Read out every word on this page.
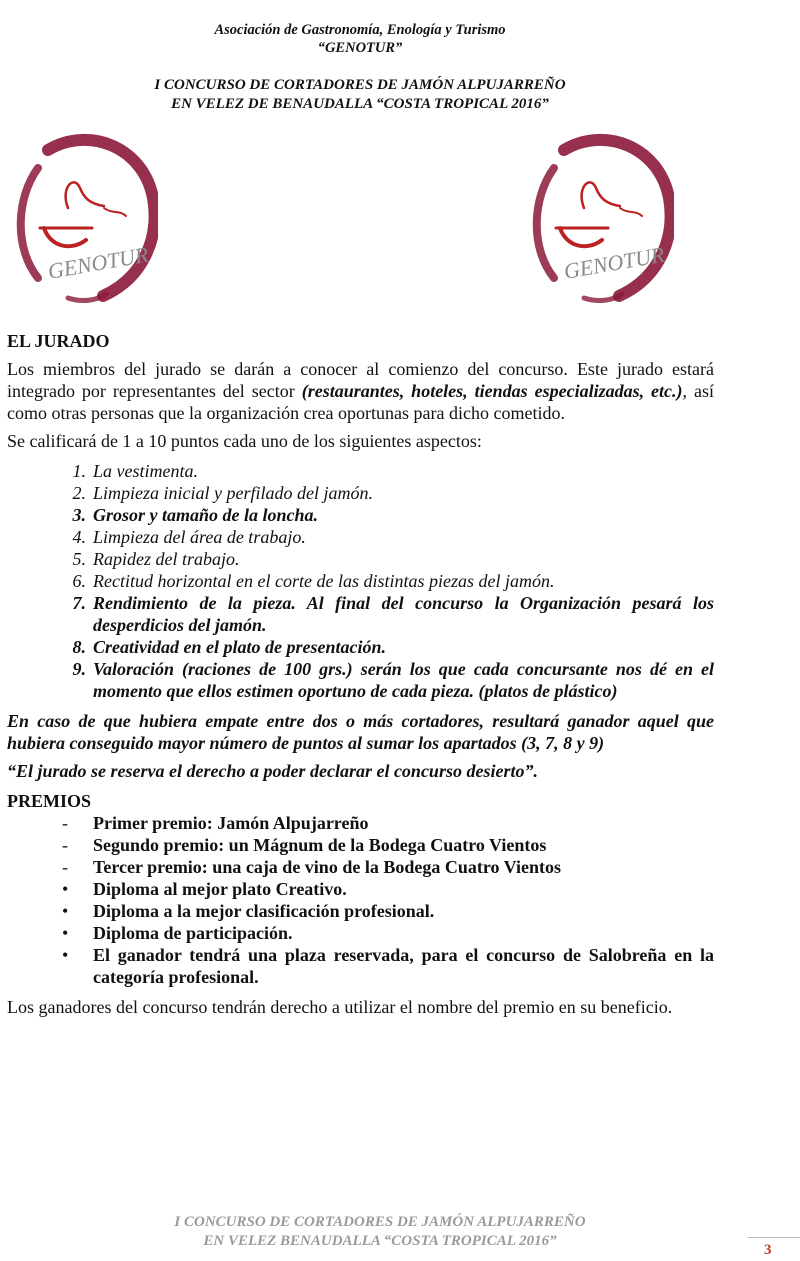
Asociación de Gastronomía, Enología y Turismo
“GENOTUR”
I CONCURSO DE CORTADORES DE JAMÓN ALPUJARREÑO
EN VELEZ DE BENAUDALLA “COSTA TROPICAL 2016”
GENOTUR	GENOTUR
EL JURADO

Los miembros del jurado se darán a conocer al comienzo del concurso. Este jurado estará integrado por representantes del sector (restaurantes, hoteles, tiendas especializadas, etc.), así como otras personas que la organización crea oportunas para dicho cometido.

Se calificará de 1 a 10 puntos cada uno de los siguientes aspectos:

1. La vestimenta.
2. Limpieza inicial y perfilado del jamón.
3. Grosor y tamaño de la loncha.
4. Limpieza del área de trabajo.
5. Rapidez del trabajo.
6. Rectitud horizontal en el corte de las distintas piezas del jamón.
7. Rendimiento de la pieza. Al final del concurso la Organización pesará los desperdicios del jamón.
8. Creatividad en el plato de presentación.
9. Valoración (raciones de 100 grs.) serán los que cada concursante nos dé en el momento que ellos estimen oportuno de cada pieza. (platos de plástico)

En caso de que hubiera empate entre dos o más cortadores, resultará ganador aquel que hubiera conseguido mayor número de puntos al sumar los apartados (3, 7, 8 y 9)

“El jurado se reserva el derecho a poder declarar el concurso desierto”.

PREMIOS
-	Primer premio: Jamón Alpujarreño
-	Segundo premio: un Mágnum de la Bodega Cuatro Vientos
-	Tercer premio: una caja de vino de la Bodega Cuatro Vientos
•	Diploma al mejor plato Creativo.
•	Diploma a la mejor clasificación profesional.
•	Diploma de participación.
•	El ganador tendrá una plaza reservada, para el concurso de Salobreña en la categoría profesional.

Los ganadores del concurso tendrán derecho a utilizar el nombre del premio en su beneficio.

I CONCURSO DE CORTADORES DE JAMÓN ALPUJARREÑO
EN VELEZ BENAUDALLA “COSTA TROPICAL 2016”
3
